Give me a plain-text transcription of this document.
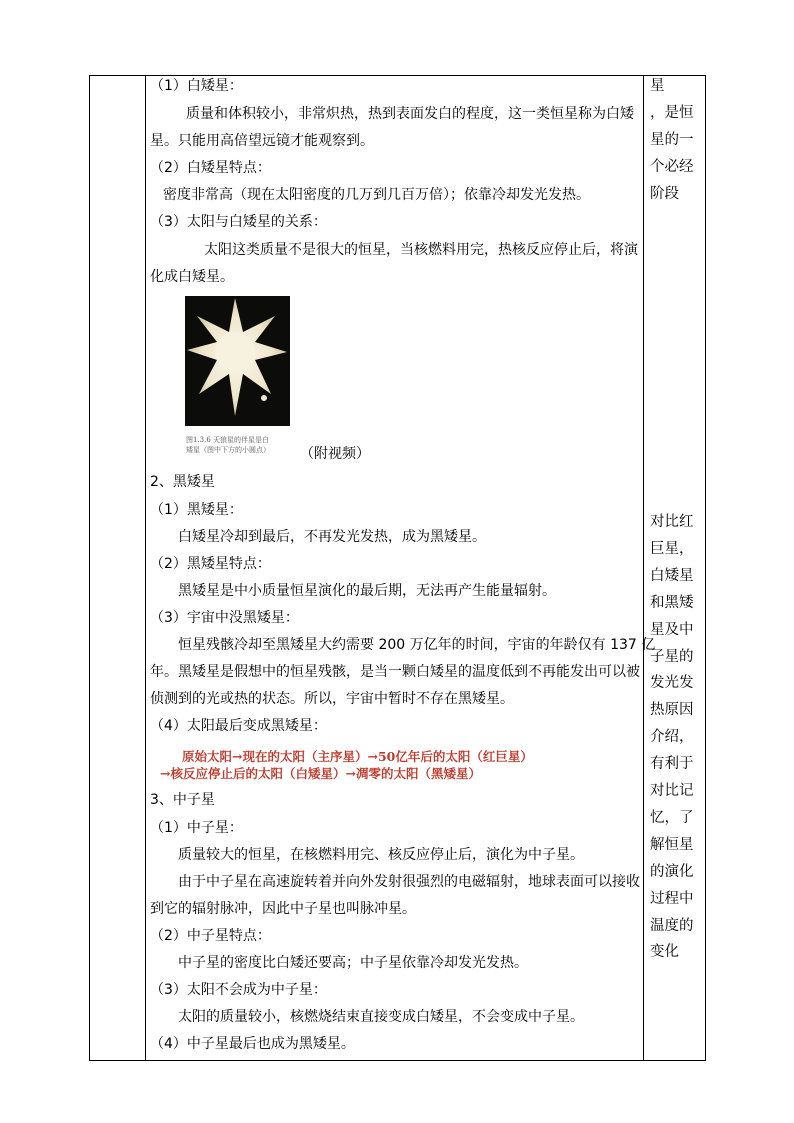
（1）白矮星：
质量和体积较小，非常炽热，热到表面发白的程度，这一类恒星称为白矮
星。只能用高倍望远镜才能观察到。
（2）白矮星特点：
密度非常高（现在太阳密度的几万到几百万倍）；依靠冷却发光发热。
（3）太阳与白矮星的关系：
太阳这类质量不是很大的恒星，当核燃料用完，热核反应停止后，将演
化成白矮星。
图1.3.6 天狼星的伴星是白
矮星（图中下方的小圆点） （附视频）
2、黑矮星
（1）黑矮星：
白矮星冷却到最后，不再发光发热，成为黑矮星。
（2）黑矮星特点：
黑矮星是中小质量恒星演化的最后期，无法再产生能量辐射。
（3）宇宙中没黑矮星：
恒星残骸冷却至黑矮星大约需要 200 万亿年的时间，宇宙的年龄仅有 137 亿
年。黑矮星是假想中的恒星残骸，是当一颗白矮星的温度低到不再能发出可以被
侦测到的光或热的状态。所以，宇宙中暂时不存在黑矮星。
（4）太阳最后变成黑矮星：
原始太阳→现在的太阳（主序星）→50亿年后的太阳（红巨星）
→核反应停止后的太阳（白矮星）→凋零的太阳（黑矮星）
3、中子星
（1）中子星：
质量较大的恒星，在核燃料用完、核反应停止后，演化为中子星。
由于中子星在高速旋转着并向外发射很强烈的电磁辐射，地球表面可以接收
到它的辐射脉冲，因此中子星也叫脉冲星。
（2）中子星特点：
中子星的密度比白矮还要高；中子星依靠冷却发光发热。
（3）太阳不会成为中子星：
太阳的质量较小，核燃烧结束直接变成白矮星，不会变成中子星。
（4）中子星最后也成为黑矮星。
星
，是恒
星的一
个必经
阶段
对比红
巨星，
白矮星
和黑矮
星及中
子星的
发光发
热原因
介绍，
有利于
对比记
忆，了
解恒星
的演化
过程中
温度的
变化
